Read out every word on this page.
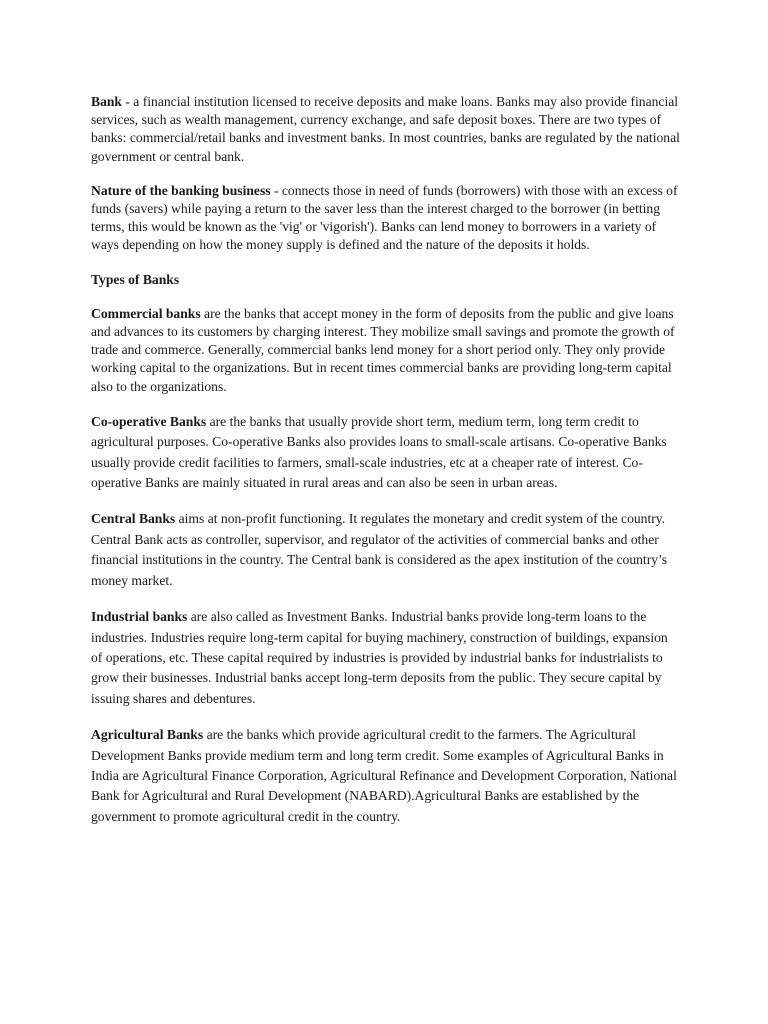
Bank - a financial institution licensed to receive deposits and make loans. Banks may also provide financial services, such as wealth management, currency exchange, and safe deposit boxes. There are two types of banks: commercial/retail banks and investment banks. In most countries, banks are regulated by the national government or central bank.

Nature of the banking business - connects those in need of funds (borrowers) with those with an excess of funds (savers) while paying a return to the saver less than the interest charged to the borrower (in betting terms, this would be known as the 'vig' or 'vigorish'). Banks can lend money to borrowers in a variety of ways depending on how the money supply is defined and the nature of the deposits it holds.

Types of Banks

Commercial banks are the banks that accept money in the form of deposits from the public and give loans and advances to its customers by charging interest. They mobilize small savings and promote the growth of trade and commerce. Generally, commercial banks lend money for a short period only. They only provide working capital to the organizations. But in recent times commercial banks are providing long-term capital also to the organizations.

Co-operative Banks are the banks that usually provide short term, medium term, long term credit to agricultural purposes. Co-operative Banks also provides loans to small-scale artisans. Co-operative Banks usually provide credit facilities to farmers, small-scale industries, etc at a cheaper rate of interest. Co-operative Banks are mainly situated in rural areas and can also be seen in urban areas.

Central Banks aims at non-profit functioning. It regulates the monetary and credit system of the country. Central Bank acts as controller, supervisor, and regulator of the activities of commercial banks and other financial institutions in the country. The Central bank is considered as the apex institution of the country’s money market.

Industrial banks are also called as Investment Banks. Industrial banks provide long-term loans to the industries. Industries require long-term capital for buying machinery, construction of buildings, expansion of operations, etc. These capital required by industries is provided by industrial banks for industrialists to grow their businesses. Industrial banks accept long-term deposits from the public. They secure capital by issuing shares and debentures.

Agricultural Banks are the banks which provide agricultural credit to the farmers. The Agricultural Development Banks provide medium term and long term credit. Some examples of Agricultural Banks in India are Agricultural Finance Corporation, Agricultural Refinance and Development Corporation, National Bank for Agricultural and Rural Development (NABARD).Agricultural Banks are established by the government to promote agricultural credit in the country.
